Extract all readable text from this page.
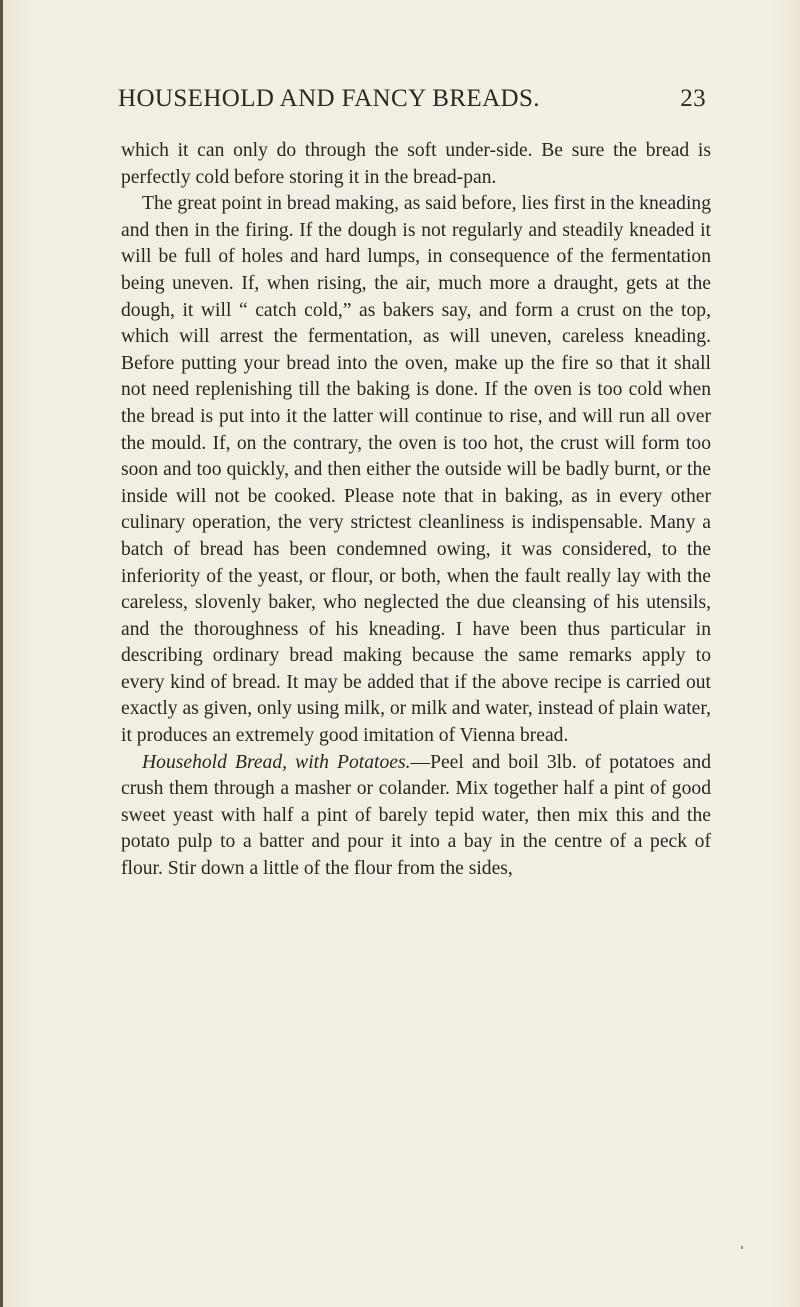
HOUSEHOLD AND FANCY BREADS.	23

which it can only do through the soft under-side. Be sure the bread is perfectly cold before storing it in the bread-pan.

The great point in bread making, as said before, lies first in the kneading and then in the firing. If the dough is not regularly and steadily kneaded it will be full of holes and hard lumps, in consequence of the fermentation being uneven. If, when rising, the air, much more a draught, gets at the dough, it will “ catch cold,” as bakers say, and form a crust on the top, which will arrest the fermentation, as will uneven, careless kneading. Before putting your bread into the oven, make up the fire so that it shall not need replenishing till the baking is done. If the oven is too cold when the bread is put into it the latter will continue to rise, and will run all over the mould. If, on the contrary, the oven is too hot, the crust will form too soon and too quickly, and then either the outside will be badly burnt, or the inside will not be cooked. Please note that in baking, as in every other culinary operation, the very strictest cleanliness is indispensable. Many a batch of bread has been condemned owing, it was considered, to the inferiority of the yeast, or flour, or both, when the fault really lay with the careless, slovenly baker, who neglected the due cleansing of his utensils, and the thoroughness of his kneading. I have been thus particular in describing ordinary bread making because the same remarks apply to every kind of bread. It may be added that if the above recipe is carried out exactly as given, only using milk, or milk and water, instead of plain water, it produces an extremely good imitation of Vienna bread.

Household Bread, with Potatoes.—Peel and boil 3lb. of potatoes and crush them through a masher or colander. Mix together half a pint of good sweet yeast with half a pint of barely tepid water, then mix this and the potato pulp to a batter and pour it into a bay in the centre of a peck of flour. Stir down a little of the flour from the sides,
